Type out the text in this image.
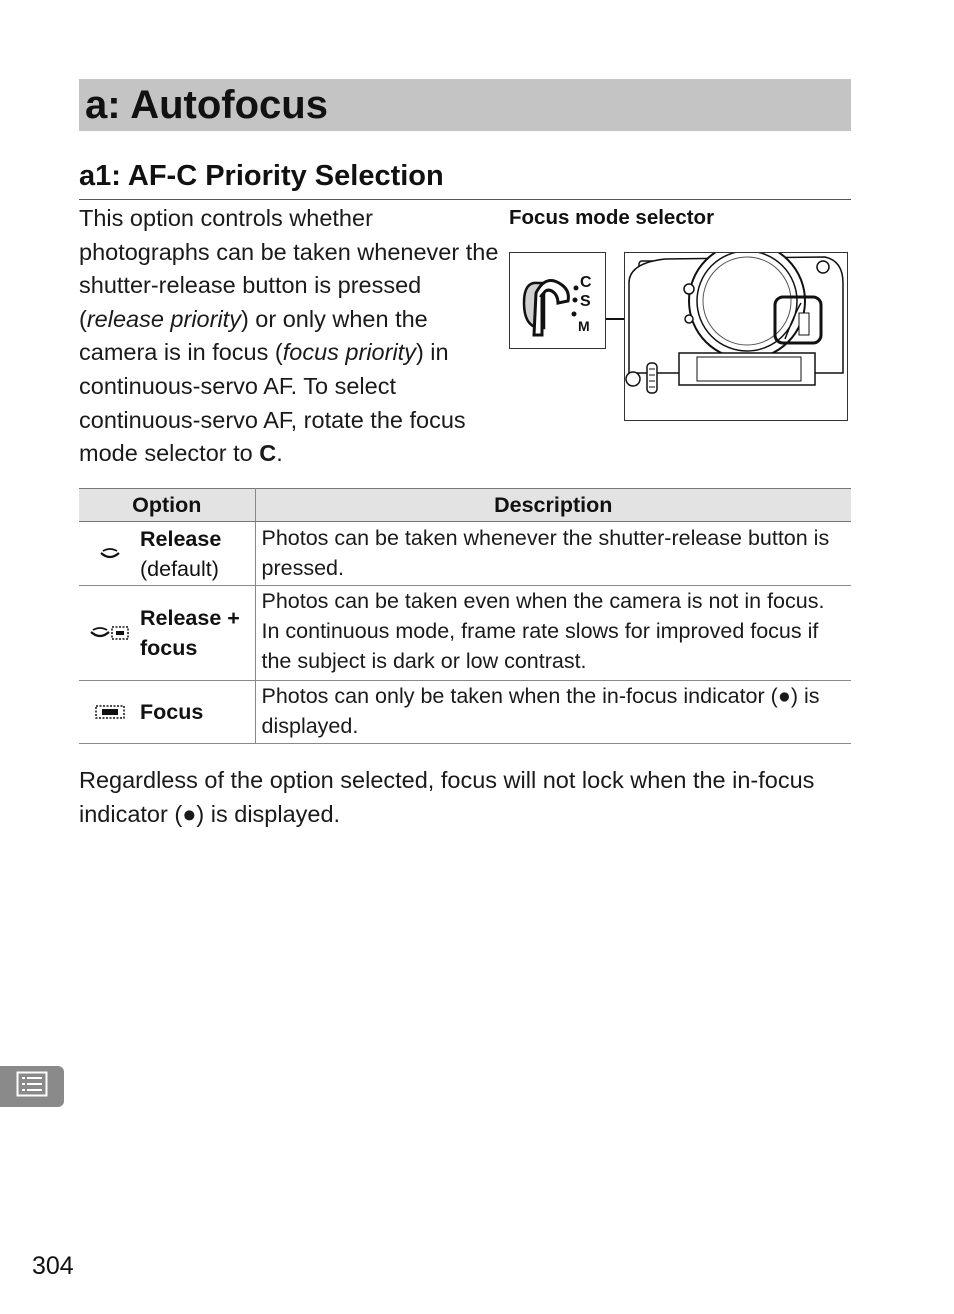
a: Autofocus
a1: AF-C Priority Selection

This option controls whether photographs can be taken whenever the shutter-release button is pressed (release priority) or only when the camera is in focus (focus priority) in continuous-servo AF. To select continuous-servo AF, rotate the focus mode selector to C.

Focus mode selector
C
S
M
Option	Description

Release
(default)	Photos can be taken whenever the shutter-release button is pressed.

Release + focus	Photos can be taken even when the camera is not in focus. In continuous mode, frame rate slows for improved focus if the subject is dark or low contrast.

Focus	Photos can only be taken when the in-focus indicator (●) is displayed.

Regardless of the option selected, focus will not lock when the in-focus indicator (●) is displayed.

304
